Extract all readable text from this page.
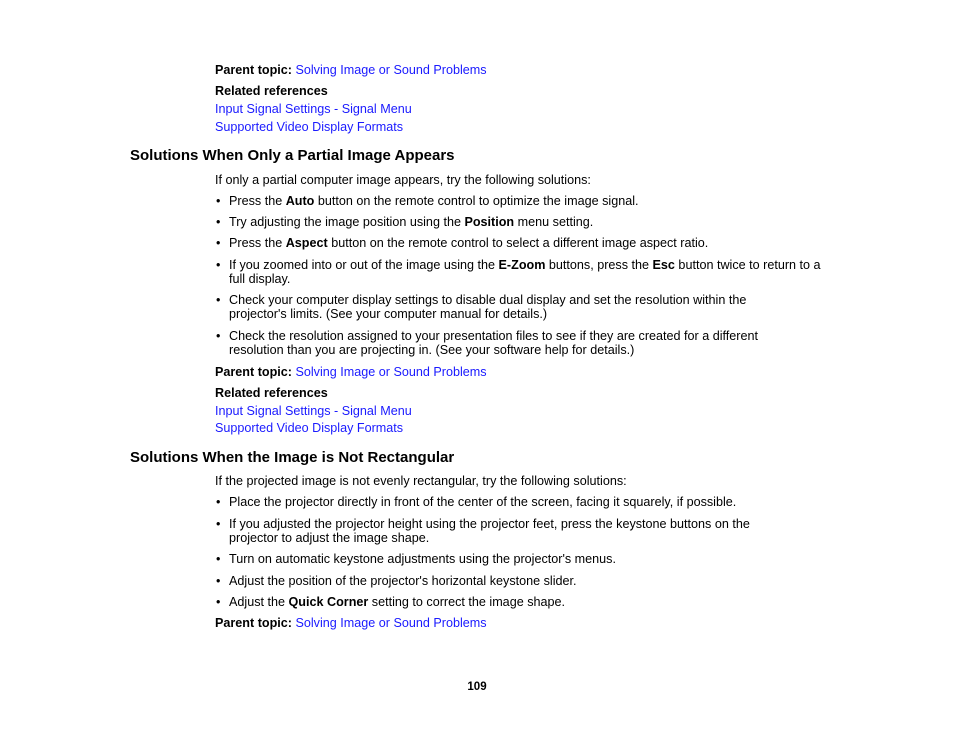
Parent topic: Solving Image or Sound Problems
Related references
Input Signal Settings - Signal Menu
Supported Video Display Formats
Solutions When Only a Partial Image Appears
If only a partial computer image appears, try the following solutions:
• Press the Auto button on the remote control to optimize the image signal.
• Try adjusting the image position using the Position menu setting.
• Press the Aspect button on the remote control to select a different image aspect ratio.
• If you zoomed into or out of the image using the E-Zoom buttons, press the Esc button twice to return to a full display.
• Check your computer display settings to disable dual display and set the resolution within the projector's limits. (See your computer manual for details.)
• Check the resolution assigned to your presentation files to see if they are created for a different resolution than you are projecting in. (See your software help for details.)
Parent topic: Solving Image or Sound Problems
Related references
Input Signal Settings - Signal Menu
Supported Video Display Formats
Solutions When the Image is Not Rectangular
If the projected image is not evenly rectangular, try the following solutions:
• Place the projector directly in front of the center of the screen, facing it squarely, if possible.
• If you adjusted the projector height using the projector feet, press the keystone buttons on the projector to adjust the image shape.
• Turn on automatic keystone adjustments using the projector's menus.
• Adjust the position of the projector's horizontal keystone slider.
• Adjust the Quick Corner setting to correct the image shape.
Parent topic: Solving Image or Sound Problems
109
